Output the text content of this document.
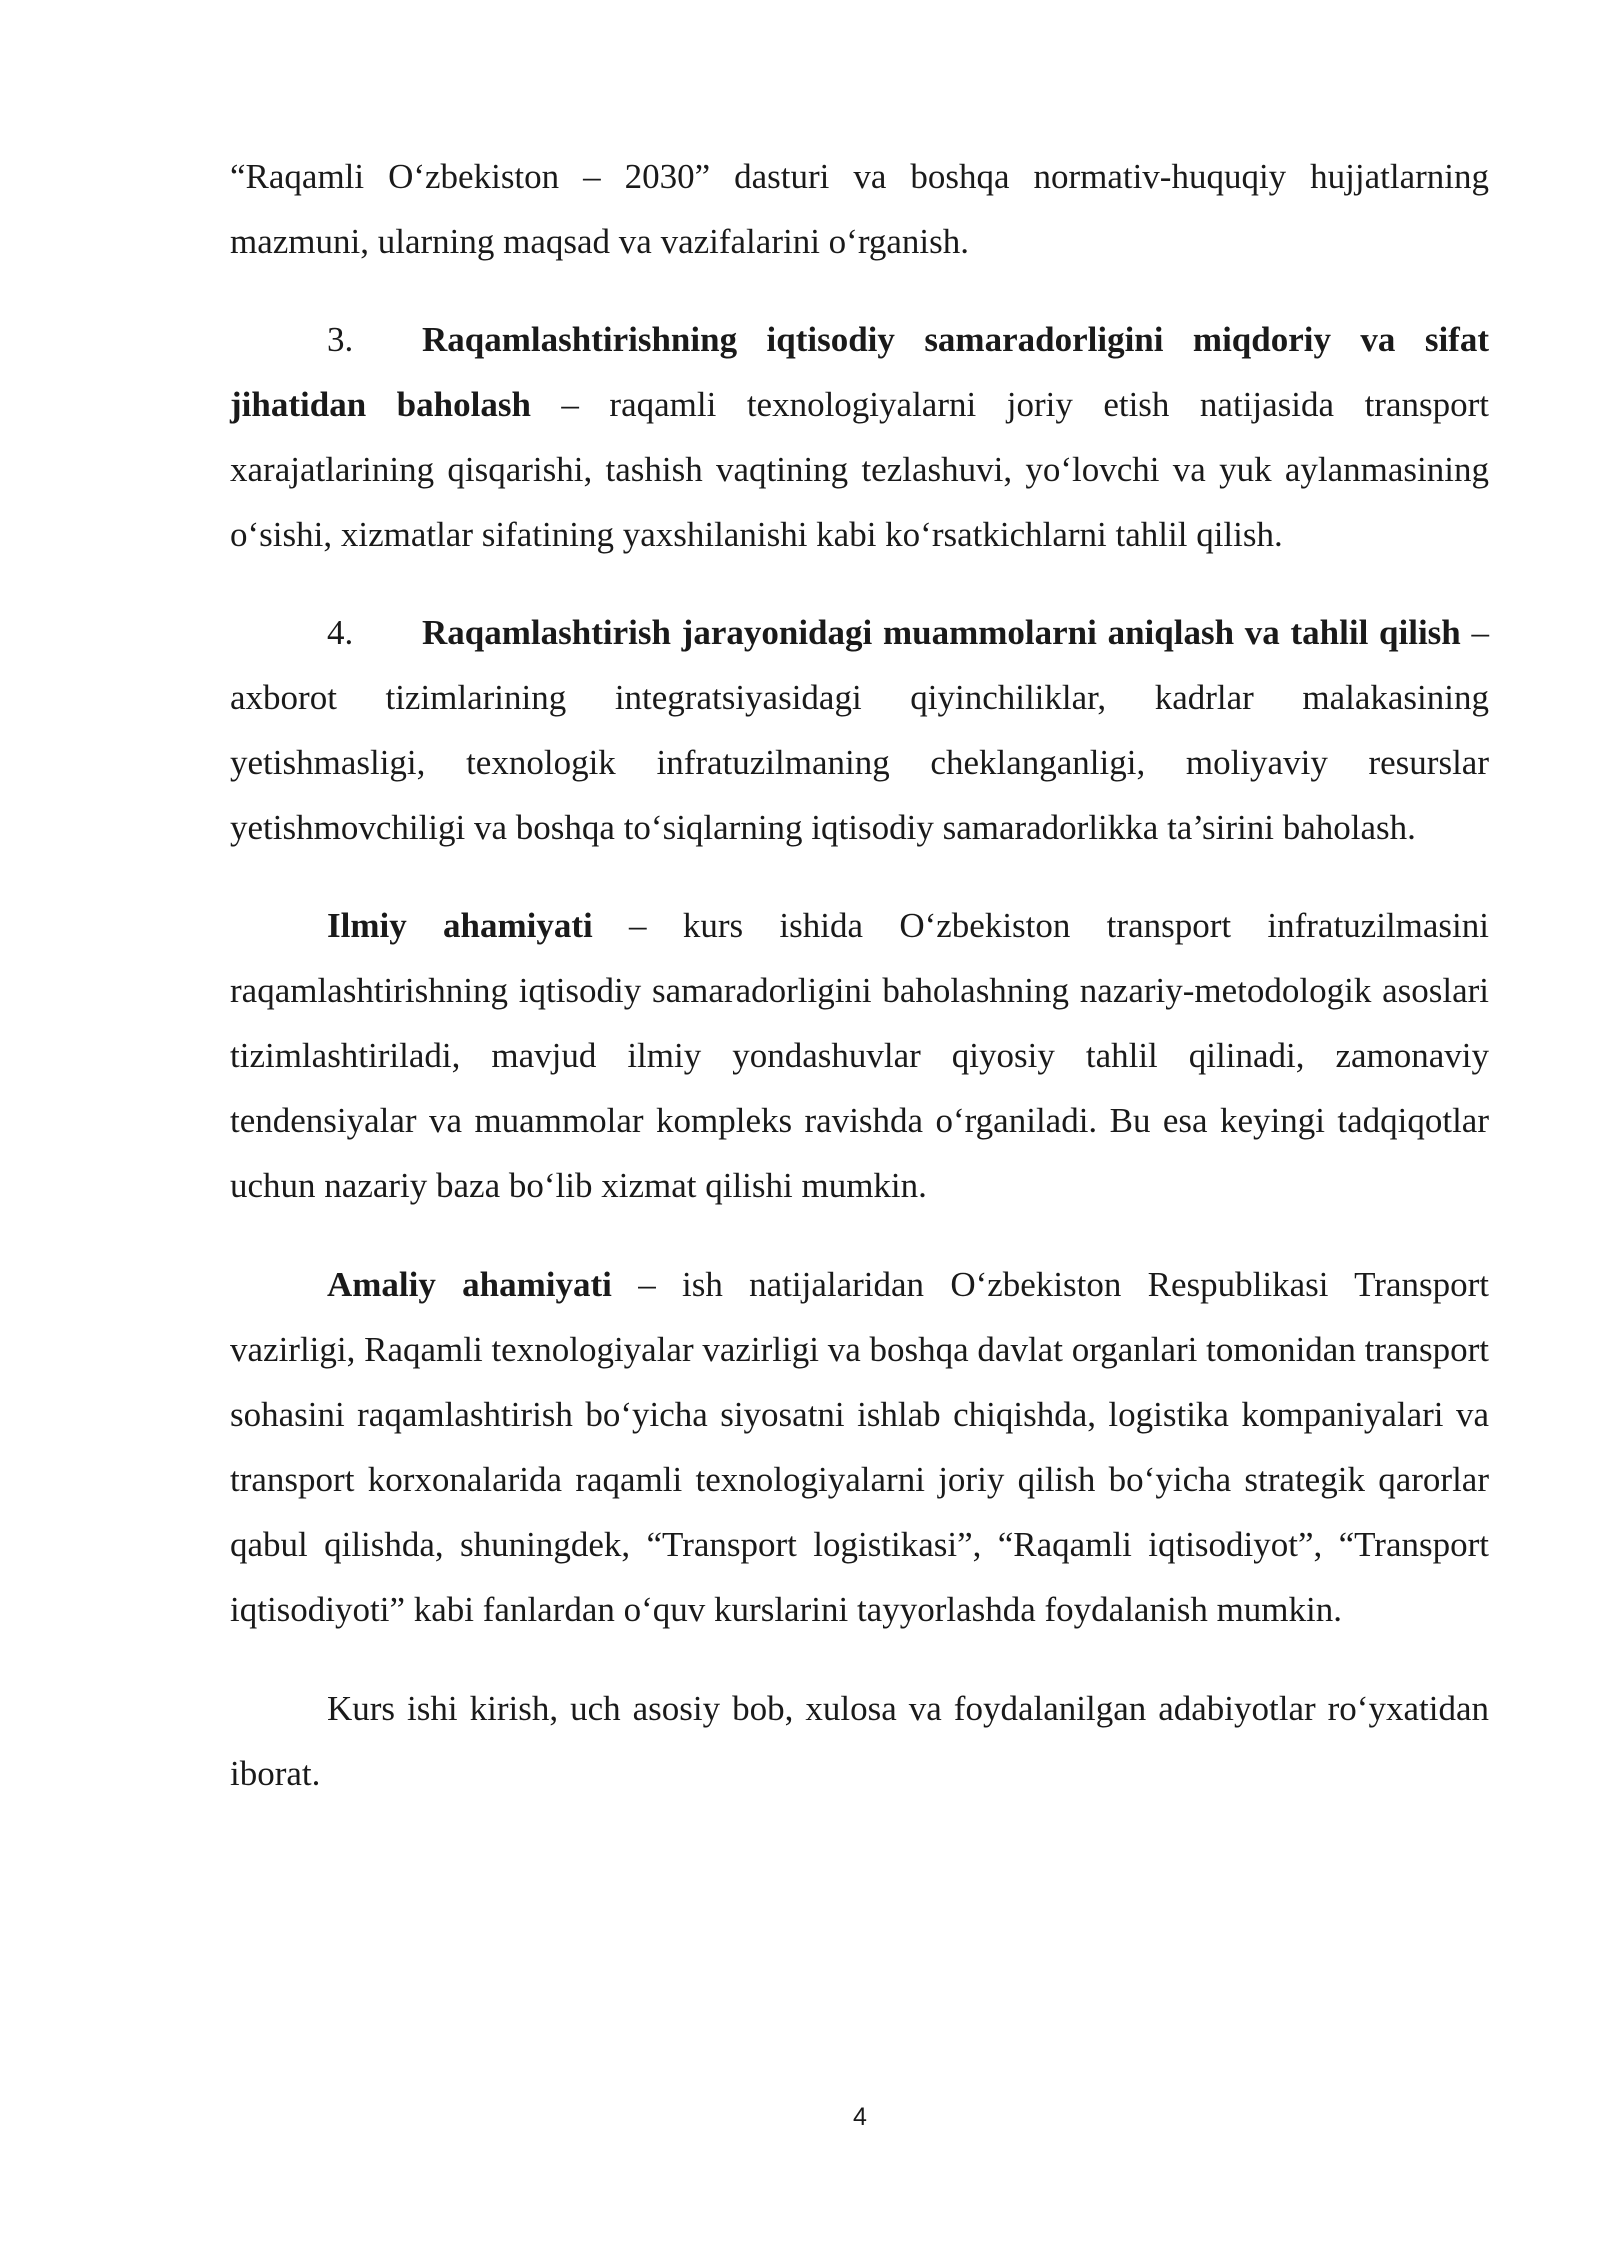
“Raqamli O‘zbekiston – 2030” dasturi va boshqa normativ-huquqiy hujjatlarning mazmuni, ularning maqsad va vazifalarini o‘rganish.

3. Raqamlashtirishning iqtisodiy samaradorligini miqdoriy va sifat jihatidan baholash – raqamli texnologiyalarni joriy etish natijasida transport xarajatlarining qisqarishi, tashish vaqtining tezlashuvi, yo‘lovchi va yuk aylanmasining o‘sishi, xizmatlar sifatining yaxshilanishi kabi ko‘rsatkichlarni tahlil qilish.

4. Raqamlashtirish jarayonidagi muammolarni aniqlash va tahlil qilish – axborot tizimlarining integratsiyasidagi qiyinchiliklar, kadrlar malakasining yetishmasligi, texnologik infratuzilmaning cheklanganligi, moliyaviy resurslar yetishmovchiligi va boshqa to‘siqlarning iqtisodiy samaradorlikka ta’sirini baholash.

Ilmiy ahamiyati – kurs ishida O‘zbekiston transport infratuzilmasini raqamlashtirishning iqtisodiy samaradorligini baholashning nazariy-metodologik asoslari tizimlashtiriladi, mavjud ilmiy yondashuvlar qiyosiy tahlil qilinadi, zamonaviy tendensiyalar va muammolar kompleks ravishda o‘rganiladi. Bu esa keyingi tadqiqotlar uchun nazariy baza bo‘lib xizmat qilishi mumkin.

Amaliy ahamiyati – ish natijalaridan O‘zbekiston Respublikasi Transport vazirligi, Raqamli texnologiyalar vazirligi va boshqa davlat organlari tomonidan transport sohasini raqamlashtirish bo‘yicha siyosatni ishlab chiqishda, logistika kompaniyalari va transport korxonalarida raqamli texnologiyalarni joriy qilish bo‘yicha strategik qarorlar qabul qilishda, shuningdek, “Transport logistikasi”, “Raqamli iqtisodiyot”, “Transport iqtisodiyoti” kabi fanlardan o‘quv kurslarini tayyorlashda foydalanish mumkin.

Kurs ishi kirish, uch asosiy bob, xulosa va foydalanilgan adabiyotlar ro‘yxatidan iborat.

4
